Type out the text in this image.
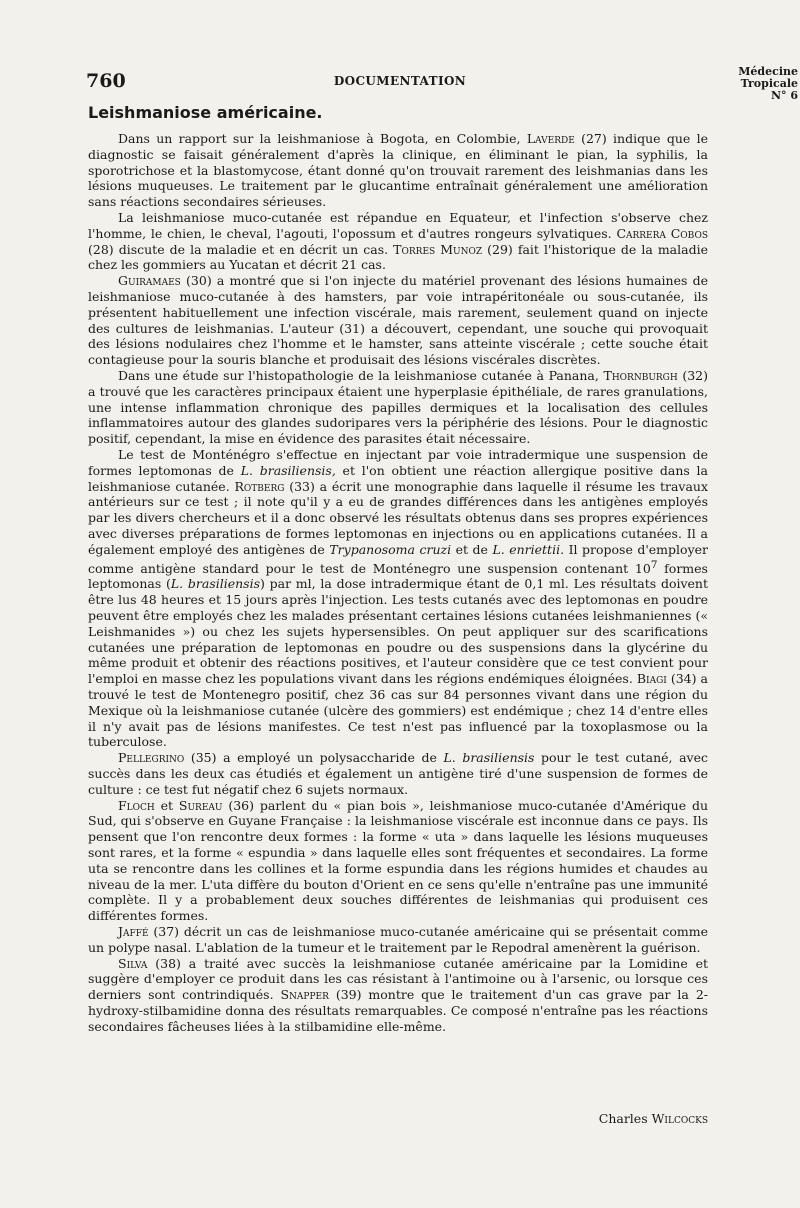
760	DOCUMENTATION
Médecine
Tropicale
N° 6
Leishmaniose américaine.

Dans un rapport sur la leishmaniose à Bogota, en Colombie, Laverde (27) indique que le diagnostic se faisait généralement d'après la clinique, en éliminant le pian, la syphilis, la sporotrichose et la blastomycose, étant donné qu'on trouvait rarement des leishmanias dans les lésions muqueuses. Le traitement par le glucantime entraînait généralement une amélioration sans réactions secondaires sérieuses.

La leishmaniose muco-cutanée est répandue en Equateur, et l'infection s'observe chez l'homme, le chien, le cheval, l'agouti, l'opossum et d'autres rongeurs sylvatiques. Carrera Cobos (28) discute de la maladie et en décrit un cas. Torres Munoz (29) fait l'historique de la maladie chez les gommiers au Yucatan et décrit 21 cas.

Guiramaes (30) a montré que si l'on injecte du matériel provenant des lésions humaines de leishmaniose muco-cutanée à des hamsters, par voie intrapéritonéale ou sous-cutanée, ils présentent habituellement une infection viscérale, mais rarement, seulement quand on injecte des cultures de leishmanias. L'auteur (31) a découvert, cependant, une souche qui provoquait des lésions nodulaires chez l'homme et le hamster, sans atteinte viscérale ; cette souche était contagieuse pour la souris blanche et produisait des lésions viscérales discrètes.

Dans une étude sur l'histopathologie de la leishmaniose cutanée à Panana, Thornburgh (32) a trouvé que les caractères principaux étaient une hyperplasie épithéliale, de rares granulations, une intense inflammation chronique des papilles dermiques et la localisation des cellules inflammatoires autour des glandes sudoripares vers la périphérie des lésions. Pour le diagnostic positif, cependant, la mise en évidence des parasites était nécessaire.

Le test de Monténégro s'effectue en injectant par voie intradermique une suspension de formes leptomonas de L. brasiliensis, et l'on obtient une réaction allergique positive dans la leishmaniose cutanée. Rotberg (33) a écrit une monographie dans laquelle il résume les travaux antérieurs sur ce test ; il note qu'il y a eu de grandes différences dans les antigènes employés par les divers chercheurs et il a donc observé les résultats obtenus dans ses propres expériences avec diverses préparations de formes leptomonas en injections ou en applications cutanées. Il a également employé des antigènes de Trypanosoma cruzi et de L. enriettii. Il propose d'employer comme antigène standard pour le test de Monténegro une suspension contenant $10^7$ formes leptomonas (L. brasiliensis) par ml, la dose intradermique étant de 0,1 ml. Les résultats doivent être lus 48 heures et 15 jours après l'injection. Les tests cutanés avec des leptomonas en poudre peuvent être employés chez les malades présentant certaines lésions cutanées leishmaniennes (« Leishmanides ») ou chez les sujets hypersensibles. On peut appliquer sur des scarifications cutanées une préparation de leptomonas en poudre ou des suspensions dans la glycérine du même produit et obtenir des réactions positives, et l'auteur considère que ce test convient pour l'emploi en masse chez les populations vivant dans les régions endémiques éloignées. Biagi (34) a trouvé le test de Montenegro positif, chez 36 cas sur 84 personnes vivant dans une région du Mexique où la leishmaniose cutanée (ulcère des gommiers) est endémique ; chez 14 d'entre elles il n'y avait pas de lésions manifestes. Ce test n'est pas influencé par la toxoplasmose ou la tuberculose.

Pellegrino (35) a employé un polysaccharide de L. brasiliensis pour le test cutané, avec succès dans les deux cas étudiés et également un antigène tiré d'une suspension de formes de culture : ce test fut négatif chez 6 sujets normaux.

Floch et Sureau (36) parlent du « pian bois », leishmaniose muco-cutanée d'Amérique du Sud, qui s'observe en Guyane Française : la leishmaniose viscérale est inconnue dans ce pays. Ils pensent que l'on rencontre deux formes : la forme « uta » dans laquelle les lésions muqueuses sont rares, et la forme « espundia » dans laquelle elles sont fréquentes et secondaires. La forme uta se rencontre dans les collines et la forme espundia dans les régions humides et chaudes au niveau de la mer. L'uta diffère du bouton d'Orient en ce sens qu'elle n'entraîne pas une immunité complète. Il y a probablement deux souches différentes de leishmanias qui produisent ces différentes formes.

Jaffé (37) décrit un cas de leishmaniose muco-cutanée américaine qui se présentait comme un polype nasal. L'ablation de la tumeur et le traitement par le Repodral amenèrent la guérison.

Silva (38) a traité avec succès la leishmaniose cutanée américaine par la Lomidine et suggère d'employer ce produit dans les cas résistant à l'antimoine ou à l'arsenic, ou lorsque ces derniers sont contrindiqués. Snapper (39) montre que le traitement d'un cas grave par la 2-hydroxy-stilbamidine donna des résultats remarquables. Ce composé n'entraîne pas les réactions secondaires fâcheuses liées à la stilbamidine elle-même.

Charles Wilcocks
